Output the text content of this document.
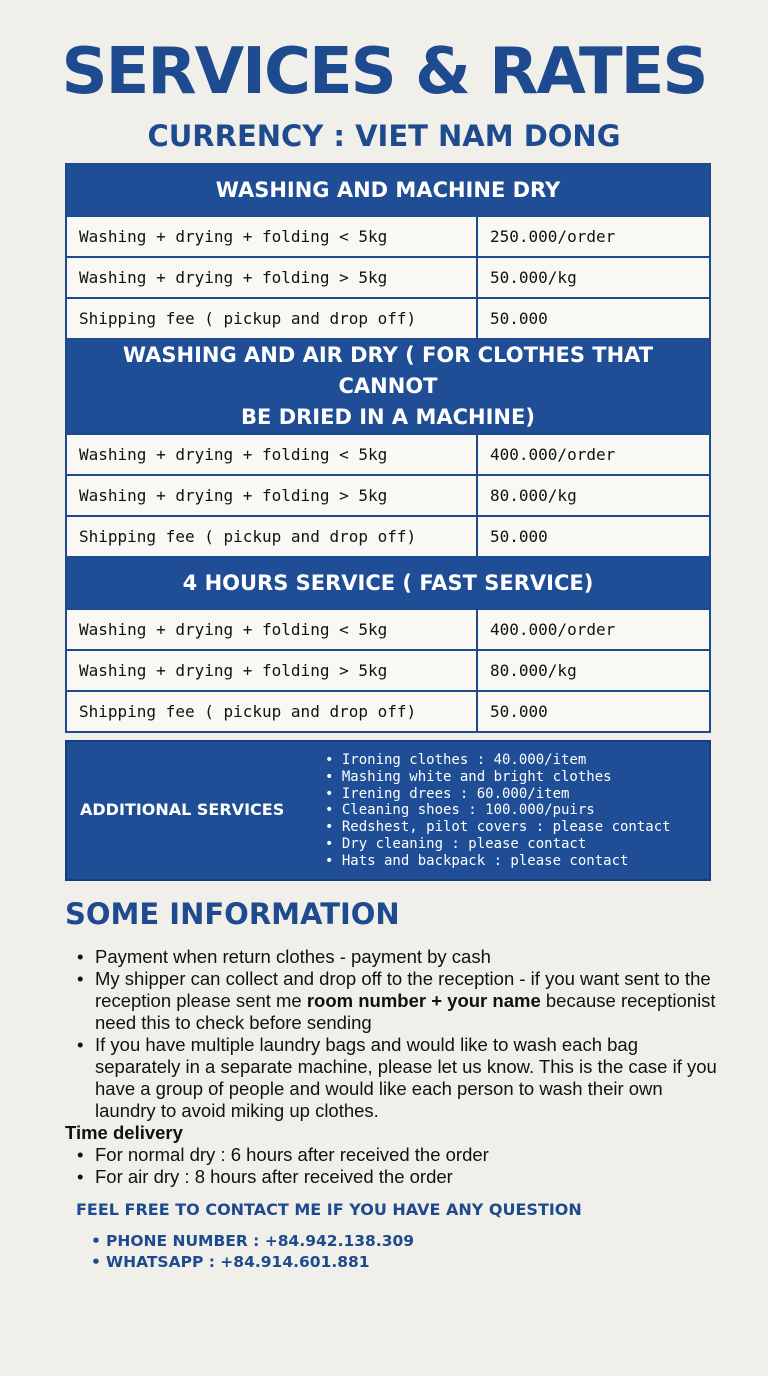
SERVICES & RATES
CURRENCY : VIET NAM DONG
WASHING AND MACHINE DRY	
Washing + drying + folding < 5kg	250.000/order
Washing + drying + folding > 5kg	50.000/kg
Shipping fee ( pickup and drop off)	50.000
WASHING AND AIR DRY ( FOR CLOTHES THAT CANNOT
BE DRIED IN A MACHINE)	
Washing + drying + folding < 5kg	400.000/order
Washing + drying + folding > 5kg	80.000/kg
Shipping fee ( pickup and drop off)	50.000
4 HOURS SERVICE ( FAST SERVICE)	
Washing + drying + folding < 5kg	400.000/order
Washing + drying + folding > 5kg	80.000/kg
Shipping fee ( pickup and drop off)	50.000
ADDITIONAL SERVICES
• Ironing clothes : 40.000/item
• Mashing white and bright clothes
• Irening drees : 60.000/item
• Cleaning shoes : 100.000/puirs
• Redshest, pilot covers : please contact
• Dry cleaning : please contact
• Hats and backpack : please contact
SOME INFORMATION
• Payment when return clothes - payment by cash
• My shipper can collect and drop off to the reception - if you want sent to the reception please sent me room number + your name because receptionist need this to check before sending
• If you have multiple laundry bags and would like to wash each bag separately in a separate machine, please let us know. This is the case if you have a group of people and would like each person to wash their own laundry to avoid miking up clothes.
Time delivery
• For normal dry : 6 hours after received the order
• For air dry : 8 hours after received the order
FEEL FREE TO CONTACT ME IF YOU HAVE ANY QUESTION
• PHONE NUMBER : +84.942.138.309
• WHATSAPP : +84.914.601.881
